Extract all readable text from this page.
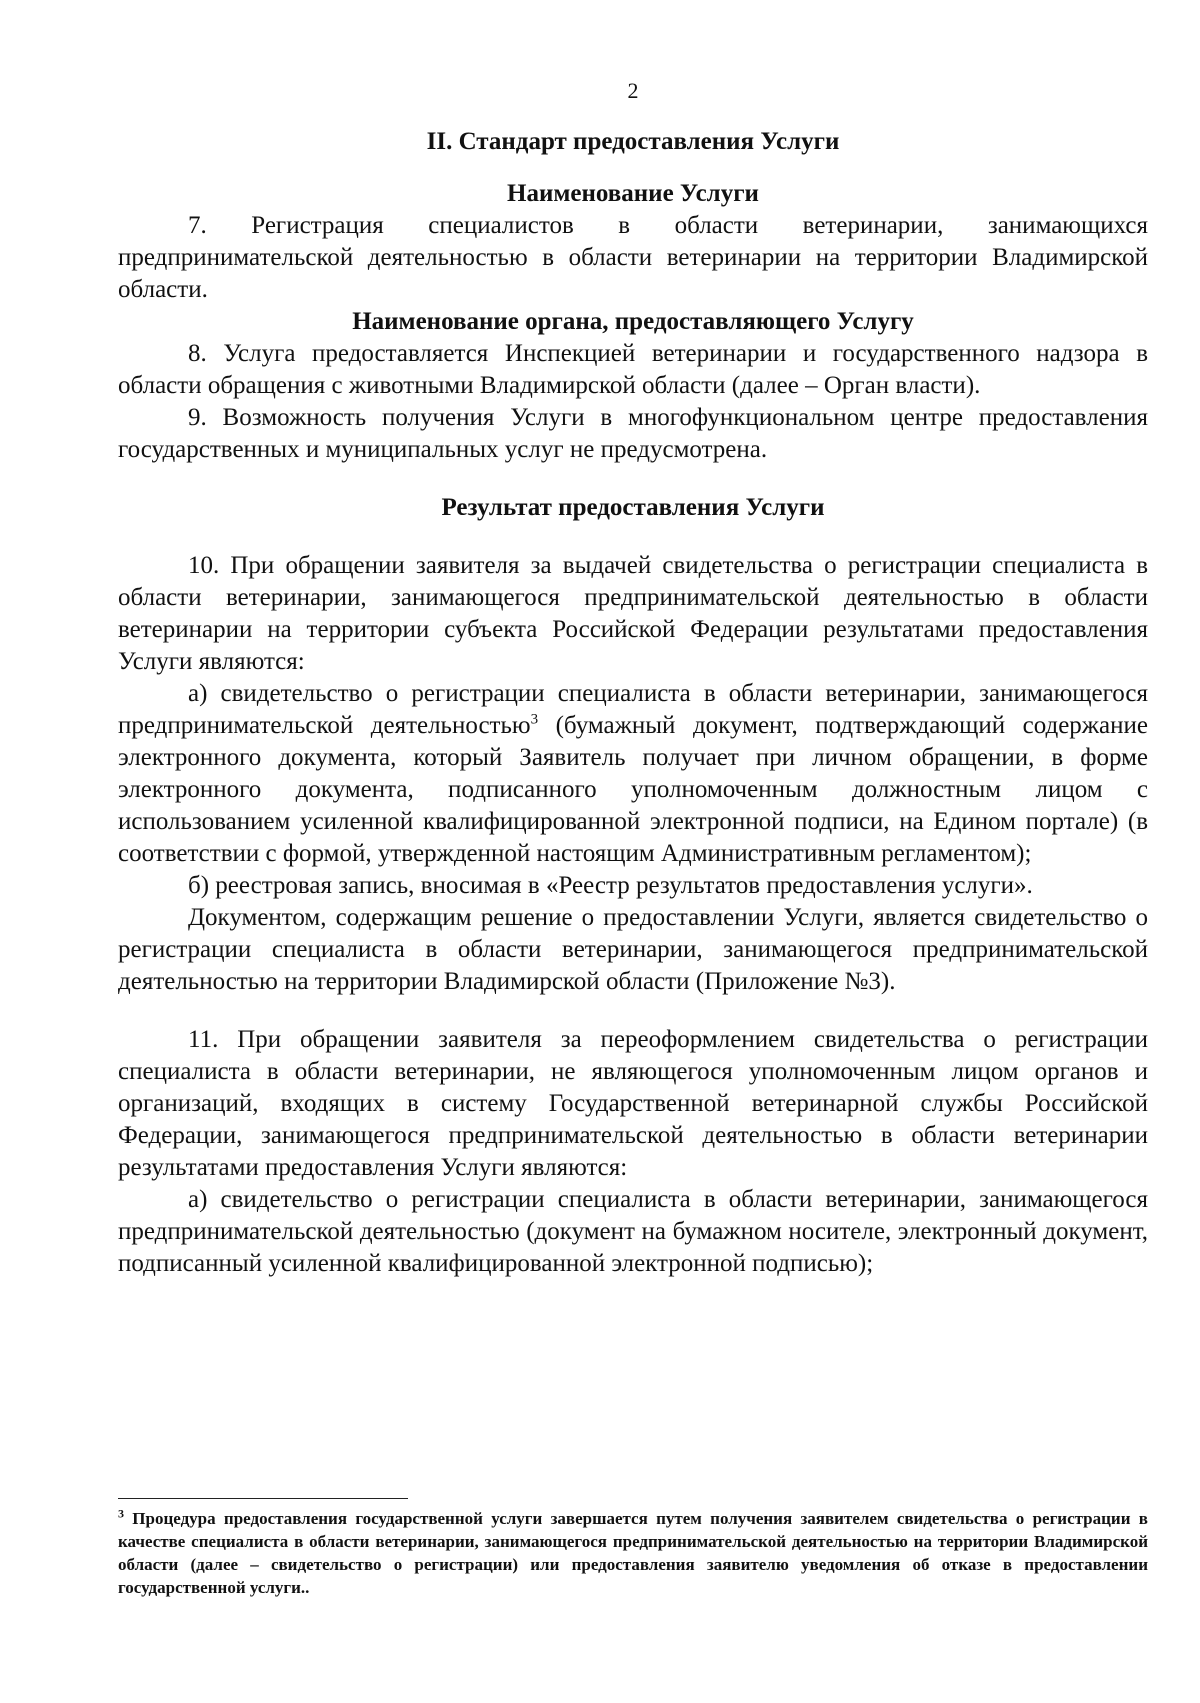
2
II. Стандарт предоставления Услуги
Наименование Услуги

7. Регистрация специалистов в области ветеринарии, занимающихся предпринимательской деятельностью в области ветеринарии на территории Владимирской области.

Наименование органа, предоставляющего Услугу

8. Услуга предоставляется Инспекцией ветеринарии и государственного надзора в области обращения с животными Владимирской области (далее – Орган власти).

9. Возможность получения Услуги в многофункциональном центре предоставления государственных и муниципальных услуг не предусмотрена.

Результат предоставления Услуги

10. При обращении заявителя за выдачей свидетельства о регистрации специалиста в области ветеринарии, занимающегося предпринимательской деятельностью в области ветеринарии на территории субъекта Российской Федерации результатами предоставления Услуги являются:

а) свидетельство о регистрации специалиста в области ветеринарии, занимающегося предпринимательской деятельностью$^3$ (бумажный документ, подтверждающий содержание электронного документа, который Заявитель получает при личном обращении, в форме электронного документа, подписанного уполномоченным должностным лицом с использованием усиленной квалифицированной электронной подписи, на Едином портале) (в соответствии с формой, утвержденной настоящим Административным регламентом);

б) реестровая запись, вносимая в «Реестр результатов предоставления услуги».

Документом, содержащим решение о предоставлении Услуги, является свидетельство о регистрации специалиста в области ветеринарии, занимающегося предпринимательской деятельностью на территории Владимирской области (Приложение №3).

11. При обращении заявителя за переоформлением свидетельства о регистрации специалиста в области ветеринарии, не являющегося уполномоченным лицом органов и организаций, входящих в систему Государственной ветеринарной службы Российской Федерации, занимающегося предпринимательской деятельностью в области ветеринарии результатами предоставления Услуги являются:

а) свидетельство о регистрации специалиста в области ветеринарии, занимающегося предпринимательской деятельностью (документ на бумажном носителе, электронный документ, подписанный усиленной квалифицированной электронной подписью);

$^3$ Процедура предоставления государственной услуги завершается путем получения заявителем свидетельства о регистрации в качестве специалиста в области ветеринарии, занимающегося предпринимательской деятельностью на территории Владимирской области (далее – свидетельство о регистрации) или предоставления заявителю уведомления об отказе в предоставлении государственной услуги..
